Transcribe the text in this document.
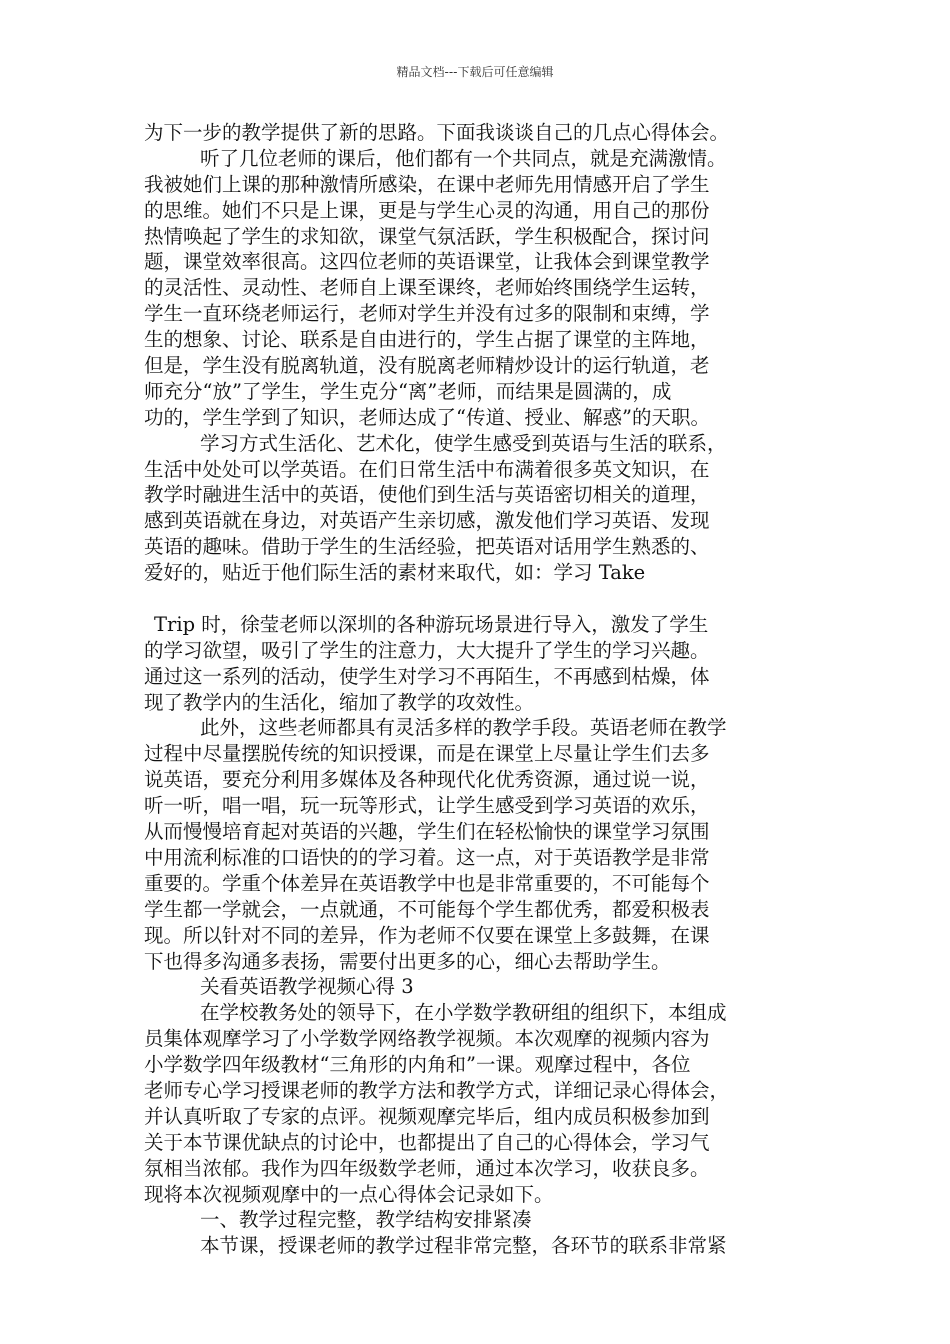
精品文档---下载后可任意编辑
为下一步的教学提供了新的思路。下面我谈谈自己的几点心得体会。
听了几位老师的课后，他们都有一个共同点，就是充满激情。
我被她们上课的那种激情所感染，在课中老师先用情感开启了学生
的思维。她们不只是上课，更是与学生心灵的沟通，用自己的那份
热情唤起了学生的求知欲，课堂气氛活跃，学生积极配合，探讨问
题，课堂效率很高。这四位老师的英语课堂，让我体会到课堂教学
的灵活性、灵动性、老师自上课至课终，老师始终围绕学生运转，
学生一直环绕老师运行，老师对学生并没有过多的限制和束缚，学
生的想象、讨论、联系是自由进行的，学生占据了课堂的主阵地，
但是，学生没有脱离轨道，没有脱离老师精炒设计的运行轨道，老
师充分“放”了学生，学生克分“离”老师，而结果是圆满的，成
功的，学生学到了知识，老师达成了“传道、授业、解惑”的天职。
学习方式生活化、艺术化，使学生感受到英语与生活的联系，
生活中处处可以学英语。在们日常生活中布满着很多英文知识，在
教学时融进生活中的英语，使他们到生活与英语密切相关的道理，
感到英语就在身边，对英语产生亲切感，激发他们学习英语、发现
英语的趣味。借助于学生的生活经验，把英语对话用学生熟悉的、
爱好的，贴近于他们际生活的素材来取代，如：学习 Take
Trip 时，徐莹老师以深圳的各种游玩场景进行导入，激发了学生
的学习欲望，吸引了学生的注意力，大大提升了学生的学习兴趣。
通过这一系列的活动，使学生对学习不再陌生，不再感到枯燥，体
现了教学内的生活化，缩加了教学的攻效性。
此外，这些老师都具有灵活多样的教学手段。英语老师在教学
过程中尽量摆脱传统的知识授课，而是在课堂上尽量让学生们去多
说英语，要充分利用多媒体及各种现代化优秀资源，通过说一说，
听一听，唱一唱，玩一玩等形式，让学生感受到学习英语的欢乐，
从而慢慢培育起对英语的兴趣，学生们在轻松愉快的课堂学习氛围
中用流利标准的口语快的的学习着。这一点，对于英语教学是非常
重要的。学重个体差异在英语教学中也是非常重要的，不可能每个
学生都一学就会，一点就通，不可能每个学生都优秀，都爱积极表
现。所以针对不同的差异，作为老师不仅要在课堂上多鼓舞，在课
下也得多沟通多表扬，需要付出更多的心，细心去帮助学生。
关看英语教学视频心得 3
在学校教务处的领导下，在小学数学教研组的组织下，本组成
员集体观摩学习了小学数学网络教学视频。本次观摩的视频内容为
小学数学四年级教材“三角形的内角和”一课。观摩过程中，各位
老师专心学习授课老师的教学方法和教学方式，详细记录心得体会，
并认真听取了专家的点评。视频观摩完毕后，组内成员积极参加到
关于本节课优缺点的讨论中，也都提出了自己的心得体会，学习气
氛相当浓郁。我作为四年级数学老师，通过本次学习，收获良多。
现将本次视频观摩中的一点心得体会记录如下。
一、教学过程完整，教学结构安排紧凑
本节课，授课老师的教学过程非常完整，各环节的联系非常紧
